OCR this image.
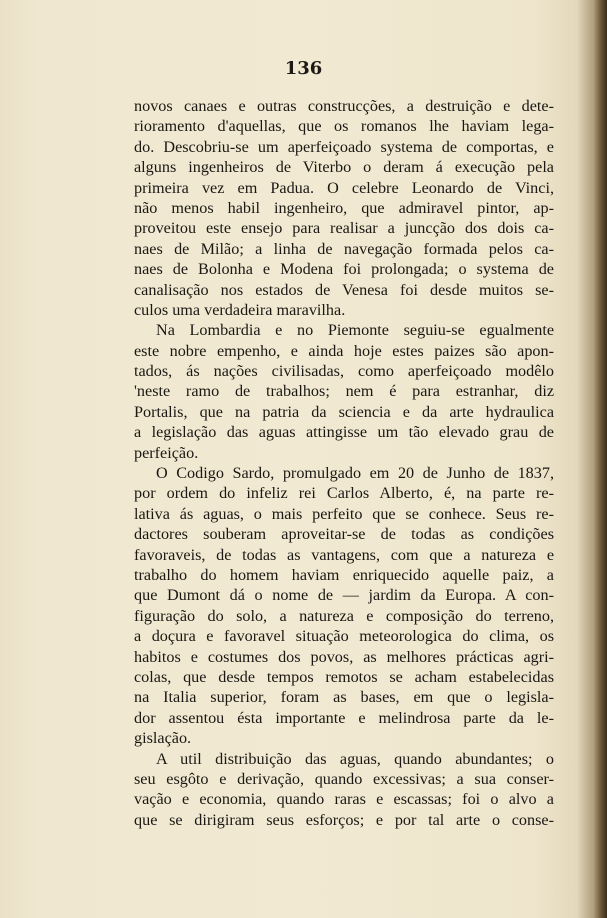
136
novos canaes e outras construcções, a destruição e dete-
rioramento d'aquellas, que os romanos lhe haviam lega-
do. Descobriu-se um aperfeiçoado systema de comportas, e
alguns ingenheiros de Viterbo o deram á execução pela
primeira vez em Padua. O celebre Leonardo de Vinci,
não menos habil ingenheiro, que admiravel pintor, ap-
proveitou este ensejo para realisar a juncção dos dois ca-
naes de Milão; a linha de navegação formada pelos ca-
naes de Bolonha e Modena foi prolongada; o systema de
canalisação nos estados de Venesa foi desde muitos se-
culos uma verdadeira maravilha.
Na Lombardia e no Piemonte seguiu-se egualmente
este nobre empenho, e ainda hoje estes paizes são apon-
tados, ás nações civilisadas, como aperfeiçoado modêlo
'neste ramo de trabalhos; nem é para estranhar, diz
Portalis, que na patria da sciencia e da arte hydraulica
a legislação das aguas attingisse um tão elevado grau de
perfeição.
O Codigo Sardo, promulgado em 20 de Junho de 1837,
por ordem do infeliz rei Carlos Alberto, é, na parte re-
lativa ás aguas, o mais perfeito que se conhece. Seus re-
dactores souberam aproveitar-se de todas as condições
favoraveis, de todas as vantagens, com que a natureza e
trabalho do homem haviam enriquecido aquelle paiz, a
que Dumont dá o nome de — jardim da Europa. A con-
figuração do solo, a natureza e composição do terreno,
a doçura e favoravel situação meteorologica do clima, os
habitos e costumes dos povos, as melhores prácticas agri-
colas, que desde tempos remotos se acham estabelecidas
na Italia superior, foram as bases, em que o legisla-
dor assentou ésta importante e melindrosa parte da le-
gislação.
A util distribuição das aguas, quando abundantes; o
seu esgôto e derivação, quando excessivas; a sua conser-
vação e economia, quando raras e escassas; foi o alvo a
que se dirigiram seus esforços; e por tal arte o conse-
